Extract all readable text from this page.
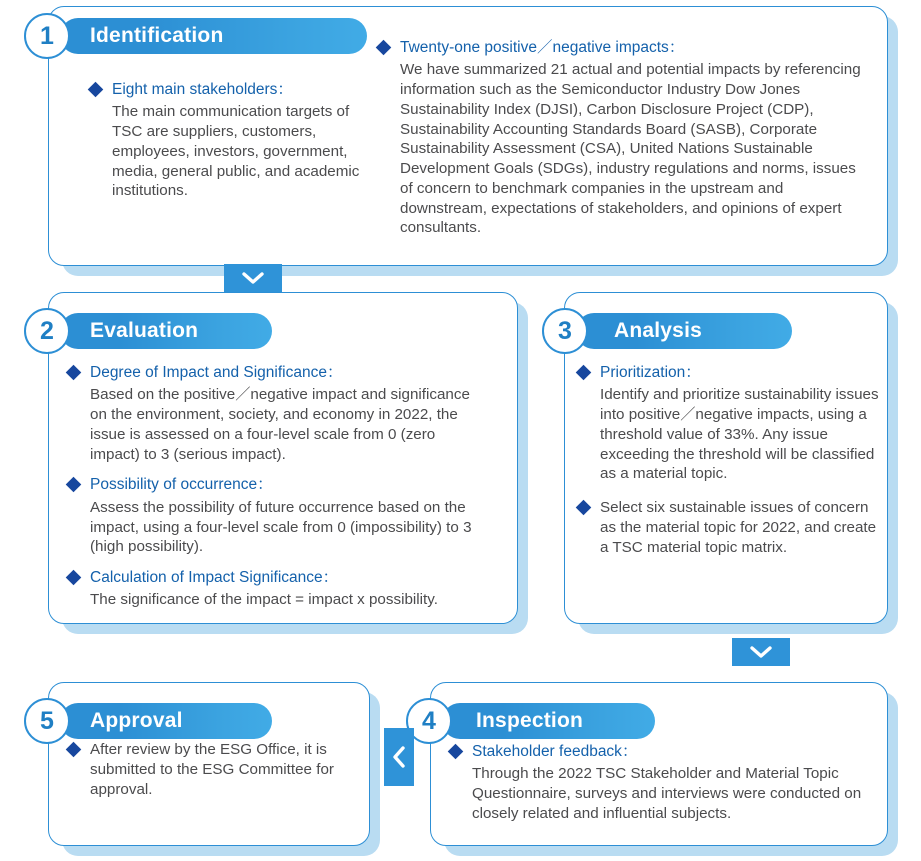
Identification
1
Eight main stakeholders：
The main communication targets of TSC are suppliers, customers, employees, investors, government, media, general public, and academic institutions.
Twenty-one positive／negative impacts：
We have summarized 21 actual and potential impacts by referencing information such as the Semiconductor Industry Dow Jones Sustainability Index (DJSI), Carbon Disclosure Project (CDP), Sustainability Accounting Standards Board (SASB), Corporate Sustainability Assessment (CSA), United Nations Sustainable Development Goals (SDGs), industry regulations and norms, issues of concern to benchmark companies in the upstream and downstream, expectations of stakeholders, and opinions of expert consultants.
Evaluation
2
Degree of Impact and Significance：
Based on the positive／negative impact and significance on the environment, society, and economy in 2022, the issue is assessed on a four-level scale from 0 (zero impact) to 3 (serious impact).
Possibility of occurrence：
Assess the possibility of future occurrence based on the impact, using a four-level scale from 0 (impossibility) to 3 (high possibility).
Calculation of Impact Significance：
The significance of the impact = impact x possibility.
Analysis
3
Prioritization：
Identify and prioritize sustainability issues into positive／negative impacts, using a threshold value of 33%. Any issue exceeding the threshold will be classified as a material topic.
Select six sustainable issues of concern as the material topic for 2022, and create a TSC material topic matrix.
Inspection
4
Stakeholder feedback：
Through the 2022 TSC Stakeholder and Material Topic Questionnaire, surveys and interviews were conducted on closely related and influential subjects.
Approval
5
After review by the ESG Office, it is submitted to the ESG Committee for approval.
